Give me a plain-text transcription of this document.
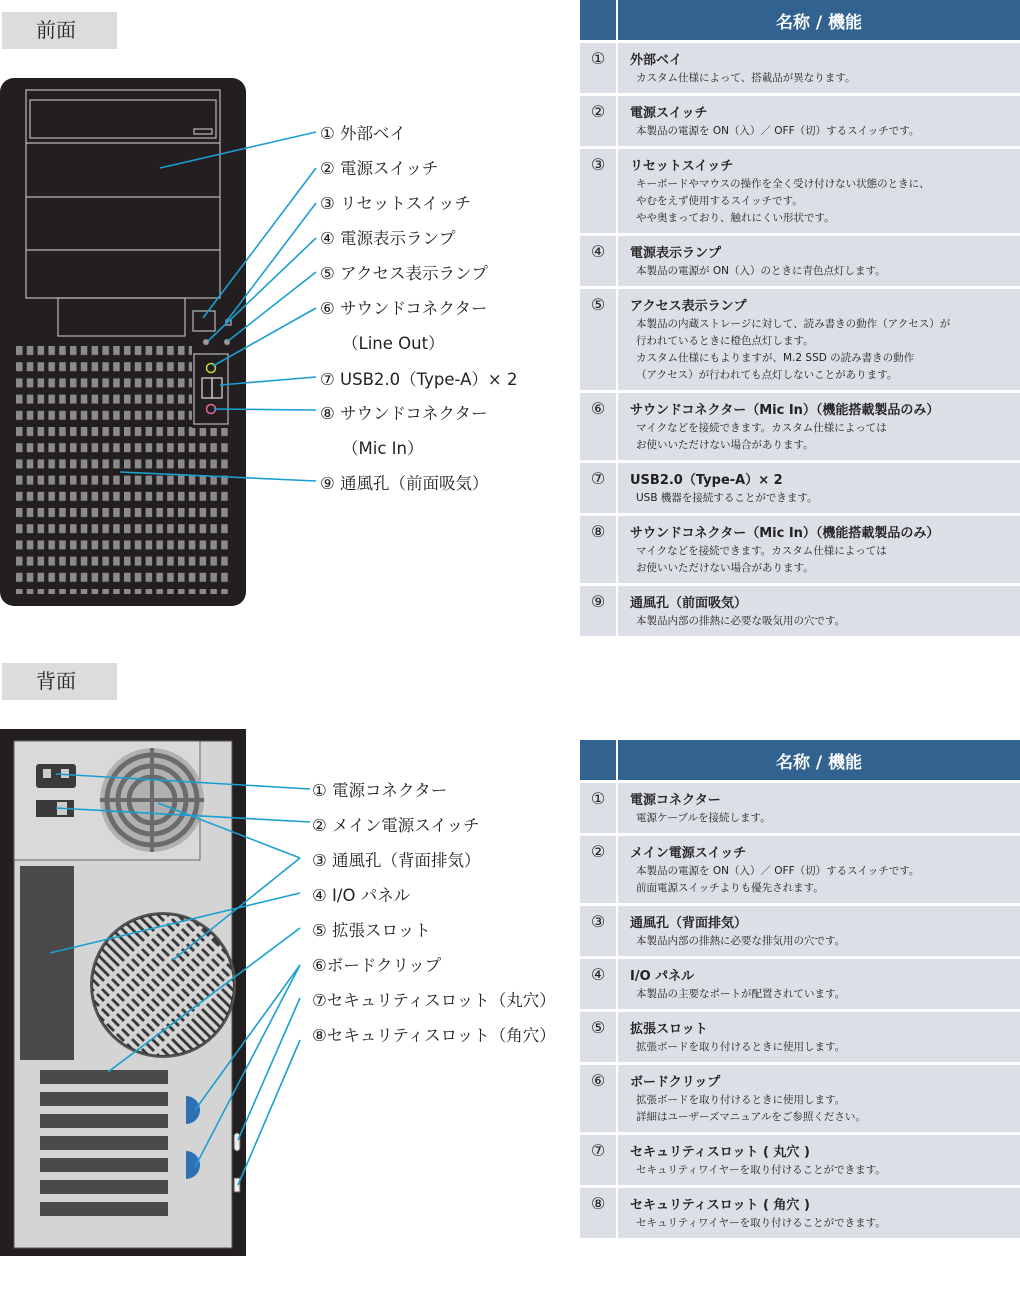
前面
① 外部ベイ
② 電源スイッチ
③ リセットスイッチ
④ 電源表示ランプ
⑤ アクセス表示ランプ
⑥ サウンドコネクター
（Line Out）
⑦ USB2.0（Type-A）× 2
⑧ サウンドコネクター
（Mic In）
⑨ 通風孔（前面吸気）
	名称 / 機能
①	外部ベイ
カスタム仕様によって、搭載品が異なります。

②	電源スイッチ
本製品の電源を ON（入）／ OFF（切）するスイッチです。

③	リセットスイッチ
キーボードやマウスの操作を全く受け付けない状態のときに、
やむをえず使用するスイッチです。
やや奥まっており、触れにくい形状です。

④	電源表示ランプ
本製品の電源が ON（入）のときに青色点灯します。

⑤	アクセス表示ランプ
本製品の内蔵ストレージに対して、読み書きの動作（アクセス）が
行われているときに橙色点灯します。
カスタム仕様にもよりますが、M.2 SSD の読み書きの動作
（アクセス）が行われても点灯しないことがあります。

⑥	サウンドコネクター（Mic In）（機能搭載製品のみ）
マイクなどを接続できます。カスタム仕様によっては
お使いいただけない場合があります。

⑦	USB2.0（Type-A）× 2
USB 機器を接続することができます。

⑧	サウンドコネクター（Mic In）（機能搭載製品のみ）
マイクなどを接続できます。カスタム仕様によっては
お使いいただけない場合があります。

⑨	通風孔（前面吸気）
本製品内部の排熱に必要な吸気用の穴です。
背面
① 電源コネクター
② メイン電源スイッチ
③ 通風孔（背面排気）
④ I/O パネル
⑤ 拡張スロット
⑥ボードクリップ
⑦セキュリティスロット（丸穴）
⑧セキュリティスロット（角穴）
	名称 / 機能
①	電源コネクター
電源ケーブルを接続します。

②	メイン電源スイッチ
本製品の電源を ON（入）／ OFF（切）するスイッチです。
前面電源スイッチよりも優先されます。

③	通風孔（背面排気）
本製品内部の排熱に必要な排気用の穴です。

④	I/O パネル
本製品の主要なポートが配置されています。

⑤	拡張スロット
拡張ボードを取り付けるときに使用します。

⑥	ボードクリップ
拡張ボードを取り付けるときに使用します。
詳細はユーザーズマニュアルをご参照ください。

⑦	セキュリティスロット ( 丸穴 )
セキュリティワイヤーを取り付けることができます。

⑧	セキュリティスロット ( 角穴 )
セキュリティワイヤーを取り付けることができます。
